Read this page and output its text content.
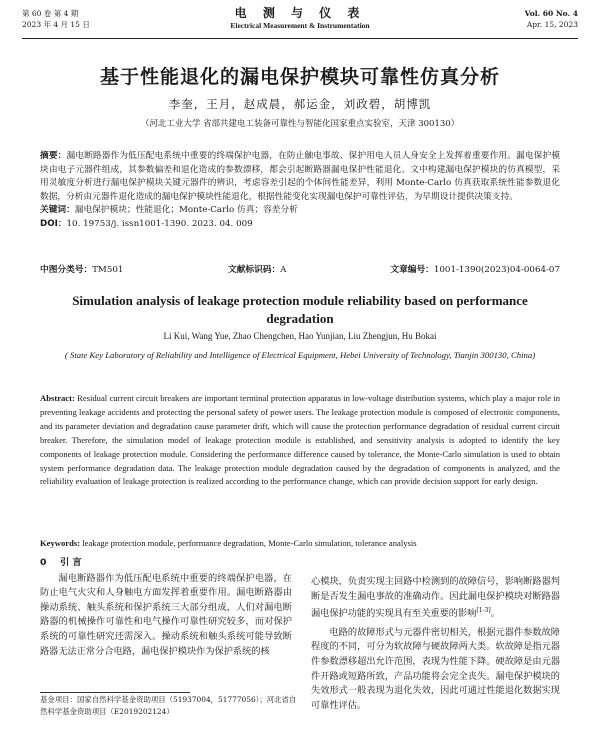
第 60 卷 第 4 期
2023 年 4 月 15 日
电 测 与 仪 表
Electrical Measurement & Instrumentation
Vol. 60 No. 4
Apr. 15, 2023
基于性能退化的漏电保护模块可靠性仿真分析
李奎，王月，赵成晨，郝运金，刘政碧，胡博凯
（河北工业大学 省部共建电工装备可靠性与智能化国家重点实验室，天津 300130）
摘要：漏电断路器作为低压配电系统中重要的终端保护电器，在防止触电事故、保护用电人员人身安全上发挥着重要作用。漏电保护模块由电子元器件组成，其参数偏差和退化造成的参数漂移，都会引起断路器漏电保护性能退化。文中构建漏电保护模块的仿真模型，采用灵敏度分析进行漏电保护模块关键元器件的辨识，考虑容差引起的个体间性能差异，利用 Monte-Carlo 仿真获取系统性能参数退化数据，分析由元器件退化造成的漏电保护模块性能退化，根据性能变化实现漏电保护可靠性评估，为早期设计提供决策支持。
关键词：漏电保护模块；性能退化；Monte-Carlo 仿真；容差分析
DOI：10. 19753/j. issn1001-1390. 2023. 04. 009
中图分类号：TM501	文献标识码：A	文章编号：1001-1390(2023)04-0064-07
Simulation analysis of leakage protection module reliability based on performance degradation
Li Kui, Wang Yue, Zhao Chengchen, Hao Yunjian, Liu Zhengjun, Hu Bokai
( State Key Laboratory of Reliability and Intelligence of Electrical Equipment, Hebei University of Technology, Tianjin 300130, China)
Abstract: Residual current circuit breakers are important terminal protection apparatus in low-voltage distribution systems, which play a major role in preventing leakage accidents and protecting the personal safety of power users. The leakage protection module is composed of electronic components, and its parameter deviation and degradation cause parameter drift, which will cause the protection performance degradation of residual current circuit breaker. Therefore, the simulation model of leakage protection module is established, and sensitivity analysis is adopted to identify the key components of leakage protection module. Considering the performance difference caused by tolerance, the Monte-Carlo simulation is used to obtain system performance degradation data. The leakage protection module degradation caused by the degradation of components is analyzed, and the reliability evaluation of leakage protection is realized according to the performance change, which can provide decision support for early design.
Keywords: leakage protection module, performance degradation, Monte-Carlo simulation, tolerance analysis
0 引 言

漏电断路器作为低压配电系统中重要的终端保护电器，在防止电气火灾和人身触电方面发挥着重要作用。漏电断路器由操动系统、触头系统和保护系统三大部分组成，人们对漏电断路器的机械操作可靠性和电气操作可靠性研究较多，而对保护系统的可靠性研究还需深入。操动系统和触头系统可能导致断路器无法正常分合电路，漏电保护模块作为保护系统的核

心模块，负责实现主回路中检测到的故障信号，影响断路器判断是否发生漏电事故的准确动作。因此漏电保护模块对断路器漏电保护功能的实现具有至关重要的影响[1-3]。

电路的故障形式与元器件密切相关，根据元器件参数故障程度的不同，可分为软故障与硬故障两大类。软故障是指元器件参数漂移超出允许范围，表现为性能下降。硬故障是由元器件开路或短路所致，产品功能将会完全丧失。漏电保护模块的失效形式一般表现为退化失效，因此可通过性能退化数据实现可靠性评估。

基金项目：国家自然科学基金资助项目（51937004，51777056）；河北省自然科学基金资助项目（E2019202124）
